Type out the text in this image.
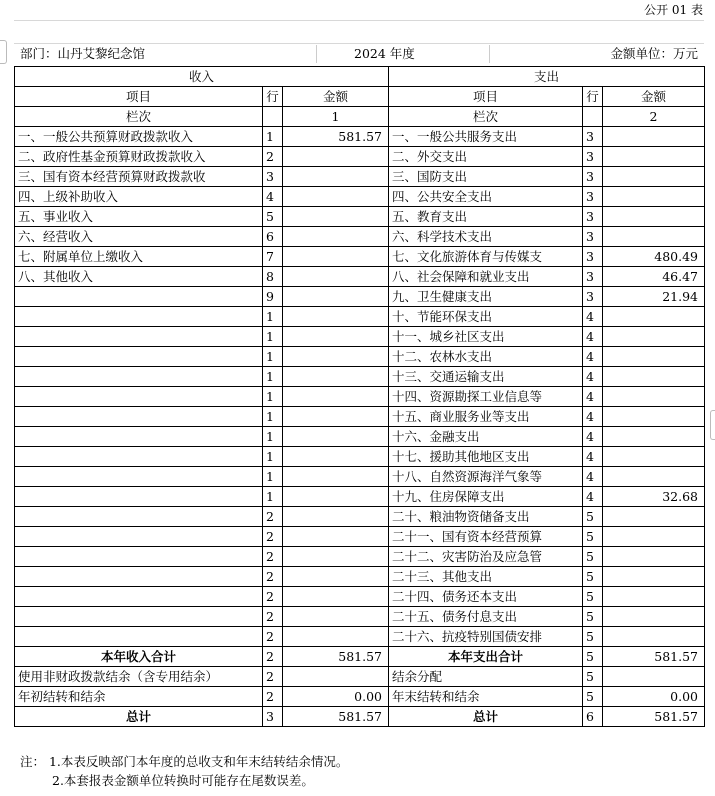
公开 01 表
部门：山丹艾黎纪念馆	2024 年度	金额单位：万元
收入			支出		
项目	行	金额	项目	行	金额
栏次		1	栏次		2
一、一般公共预算财政拨款收入	1	581.57	一、一般公共服务支出	3	
二、政府性基金预算财政拨款收入	2		二、外交支出	3	
三、国有资本经营预算财政拨款收	3		三、国防支出	3	
四、上级补助收入	4		四、公共安全支出	3	
五、事业收入	5		五、教育支出	3	
六、经营收入	6		六、科学技术支出	3	
七、附属单位上缴收入	7		七、文化旅游体育与传媒支	3	480.49
八、其他收入	8		八、社会保障和就业支出	3	46.47
	9		九、卫生健康支出	3	21.94
	1		十、节能环保支出	4	
	1		十一、城乡社区支出	4	
	1		十二、农林水支出	4	
	1		十三、交通运输支出	4	
	1		十四、资源勘探工业信息等	4	
	1		十五、商业服务业等支出	4	
	1		十六、金融支出	4	
	1		十七、援助其他地区支出	4	
	1		十八、自然资源海洋气象等	4	
	1		十九、住房保障支出	4	32.68
	2		二十、粮油物资储备支出	5	
	2		二十一、国有资本经营预算	5	
	2		二十二、灾害防治及应急管	5	
	2		二十三、其他支出	5	
	2		二十四、债务还本支出	5	
	2		二十五、债务付息支出	5	
	2		二十六、抗疫特别国债安排	5	
本年收入合计	2	581.57	本年支出合计	5	581.57
使用非财政拨款结余（含专用结余）	2		结余分配	5	
年初结转和结余	2	0.00	年末结转和结余	5	0.00
总计	3	581.57	总计	6	581.57
注： 1.本表反映部门本年度的总收支和年末结转结余情况。
2.本套报表金额单位转换时可能存在尾数误差。
